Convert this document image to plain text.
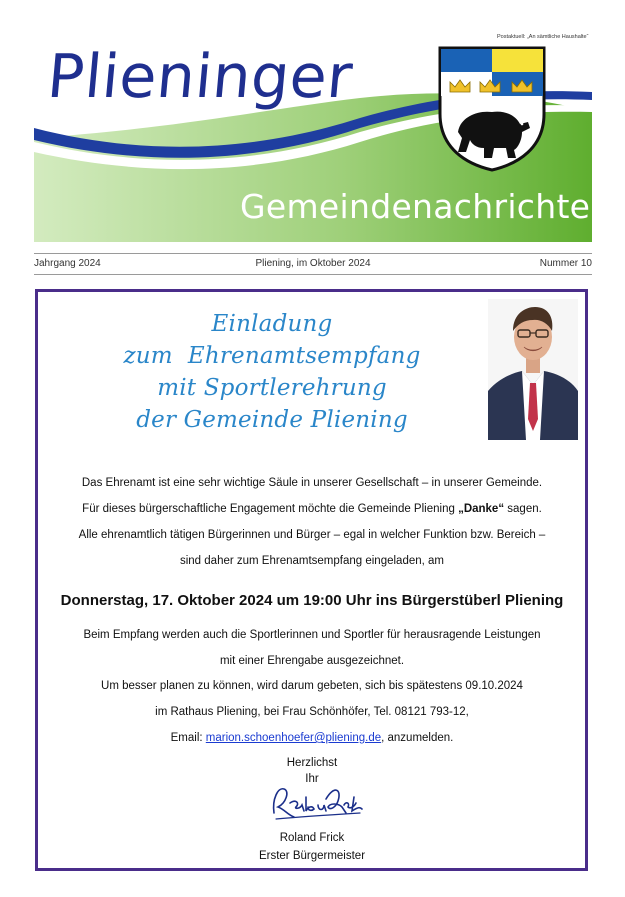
Postaktuell: „An sämtliche Haushalte“
Plieninger
Gemeindenachrichten
Jahrgang 2024	Pliening, im Oktober 2024	Nummer 10
Einladung
zum  Ehrenamtsempfang
mit Sportlerehrung
der Gemeinde Pliening
Das Ehrenamt ist eine sehr wichtige Säule in unserer Gesellschaft – in unserer Gemeinde.
Für dieses bürgerschaftliche Engagement möchte die Gemeinde Pliening „Danke“ sagen.
Alle ehrenamtlich tätigen Bürgerinnen und Bürger – egal in welcher Funktion bzw. Bereich –
sind daher zum Ehrenamtsempfang eingeladen, am
Donnerstag, 17. Oktober 2024 um 19:00 Uhr ins Bürgerstüberl Pliening
Beim Empfang werden auch die Sportlerinnen und Sportler für herausragende Leistungen
mit einer Ehrengabe ausgezeichnet.
Um besser planen zu können, wird darum gebeten, sich bis spätestens 09.10.2024
im Rathaus Pliening, bei Frau Schönhöfer, Tel. 08121 793-12,
Email: marion.schoenhoefer@pliening.de, anzumelden.
Herzlichst
Ihr
Roland Frick
Erster Bürgermeister
